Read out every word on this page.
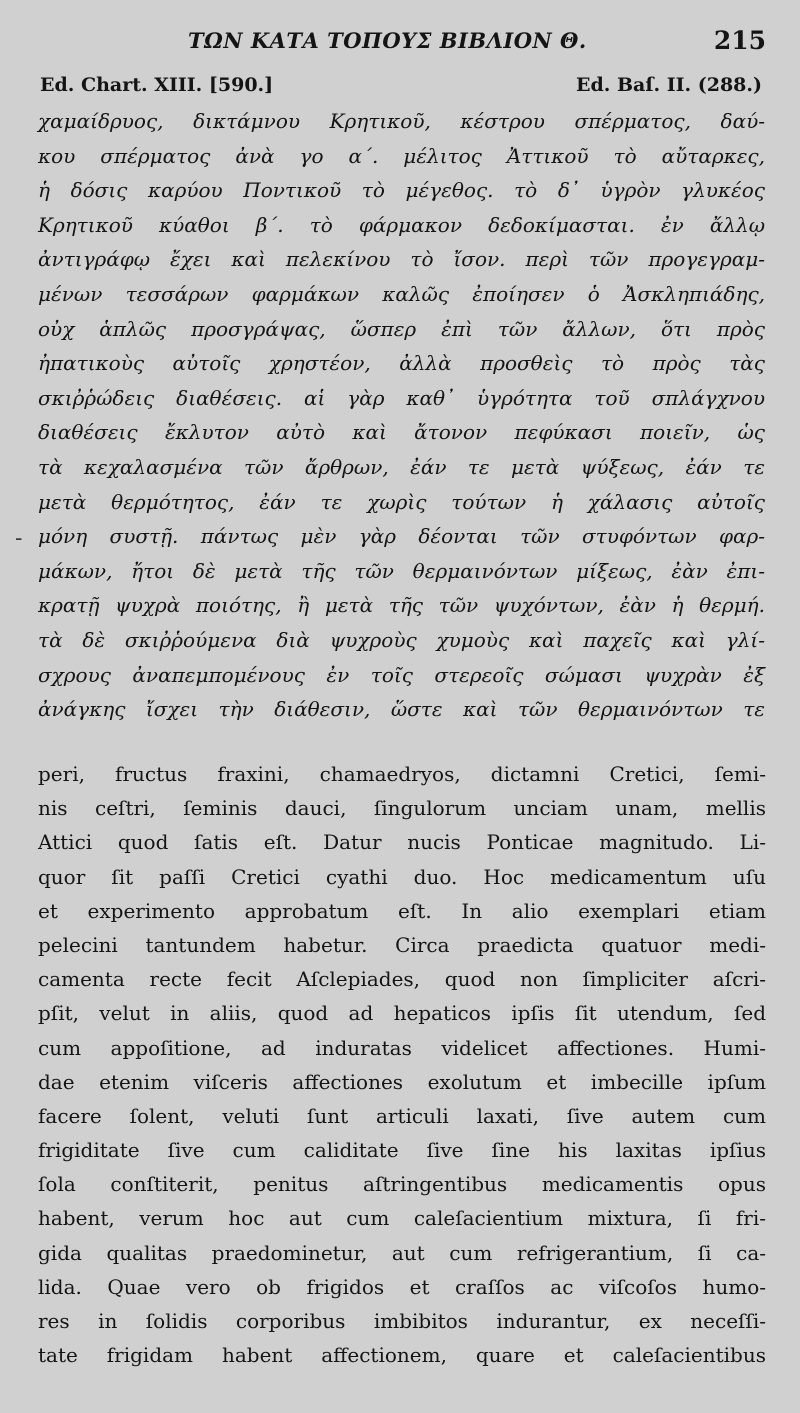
ΤΩΝ ΚΑΤΑ ΤΟΠΟΥΣ ΒΙΒΛΙΟΝ Θ.	215
Ed. Chart. XIII. [590.]	Ed. Baſ. II. (288.)
-
χαμαίδρυος, δικτάμνου Κρητικοῦ, κέστρου σπέρματος, δαύ-
κου σπέρματος ἀνὰ γο α΄. μέλιτος Ἀττικοῦ τὸ αὔταρκες,
ἡ δόσις καρύου Ποντικοῦ τὸ μέγεθος. τὸ δ᾽ ὑγρὸν γλυκέος
Κρητικοῦ κύαθοι β΄. τὸ φάρμακον δεδοκίμασται. ἐν ἄλλῳ
ἀντιγράφῳ ἔχει καὶ πελεκίνου τὸ ἴσον. περὶ τῶν προγεγραμ-
μένων τεσσάρων φαρμάκων καλῶς ἐποίησεν ὁ Ἀσκληπιάδης,
οὐχ ἁπλῶς προσγράψας, ὥσπερ ἐπὶ τῶν ἄλλων, ὅτι πρὸς
ἠπατικοὺς αὐτοῖς χρηστέον, ἀλλὰ προσθεὶς τὸ πρὸς τὰς
σκιῤῥώδεις διαθέσεις. αἱ γὰρ καθ᾽ ὑγρότητα τοῦ σπλάγχνου
διαθέσεις ἔκλυτον αὐτὸ καὶ ἄτονον πεφύκασι ποιεῖν, ὡς
τὰ κεχαλασμένα τῶν ἄρθρων, ἐάν τε μετὰ ψύξεως, ἐάν τε
μετὰ θερμότητος, ἐάν τε χωρὶς τούτων ἡ χάλασις αὐτοῖς
μόνη συστῇ. πάντως μὲν γὰρ δέονται τῶν στυφόντων φαρ-
μάκων, ἤτοι δὲ μετὰ τῆς τῶν θερμαινόντων μίξεως, ἐὰν ἐπι-
κρατῇ ψυχρὰ ποιότης, ἢ μετὰ τῆς τῶν ψυχόντων, ἐὰν ἡ θερμή.
τὰ δὲ σκιῤῥούμενα διὰ ψυχροὺς χυμοὺς καὶ παχεῖς καὶ γλί-
σχρους ἀναπεμπομένους ἐν τοῖς στερεοῖς σώμασι ψυχρὰν ἐξ
ἀνάγκης ἴσχει τὴν διάθεσιν, ὥστε καὶ τῶν θερμαινόντων τε
peri, fructus fraxini, chamaedryos, dictamni Cretici, ſemi-
nis ceſtri, ſeminis dauci, ſingulorum unciam unam, mellis
Attici quod ſatis eſt. Datur nucis Ponticae magnitudo. Li-
quor ſit paſſi Cretici cyathi duo. Hoc medicamentum uſu
et experimento approbatum eſt. In alio exemplari etiam
pelecini tantundem habetur. Circa praedicta quatuor medi-
camenta recte fecit Aſclepiades, quod non ſimpliciter aſcri-
pſit, velut in aliis, quod ad hepaticos ipſis ſit utendum, ſed
cum appoſitione, ad induratas videlicet affectiones. Humi-
dae etenim viſceris affectiones exolutum et imbecille ipſum
facere ſolent, veluti ſunt articuli laxati, ſive autem cum
frigiditate ſive cum caliditate ſive ſine his laxitas ipſius
ſola conſtiterit, penitus aſtringentibus medicamentis opus
habent, verum hoc aut cum caleſacientium mixtura, ſi fri-
gida qualitas praedominetur, aut cum refrigerantium, ſi ca-
lida. Quae vero ob frigidos et craſſos ac viſcoſos humo-
res in ſolidis corporibus imbibitos indurantur, ex neceſſi-
tate frigidam habent affectionem, quare et caleſacientibus
